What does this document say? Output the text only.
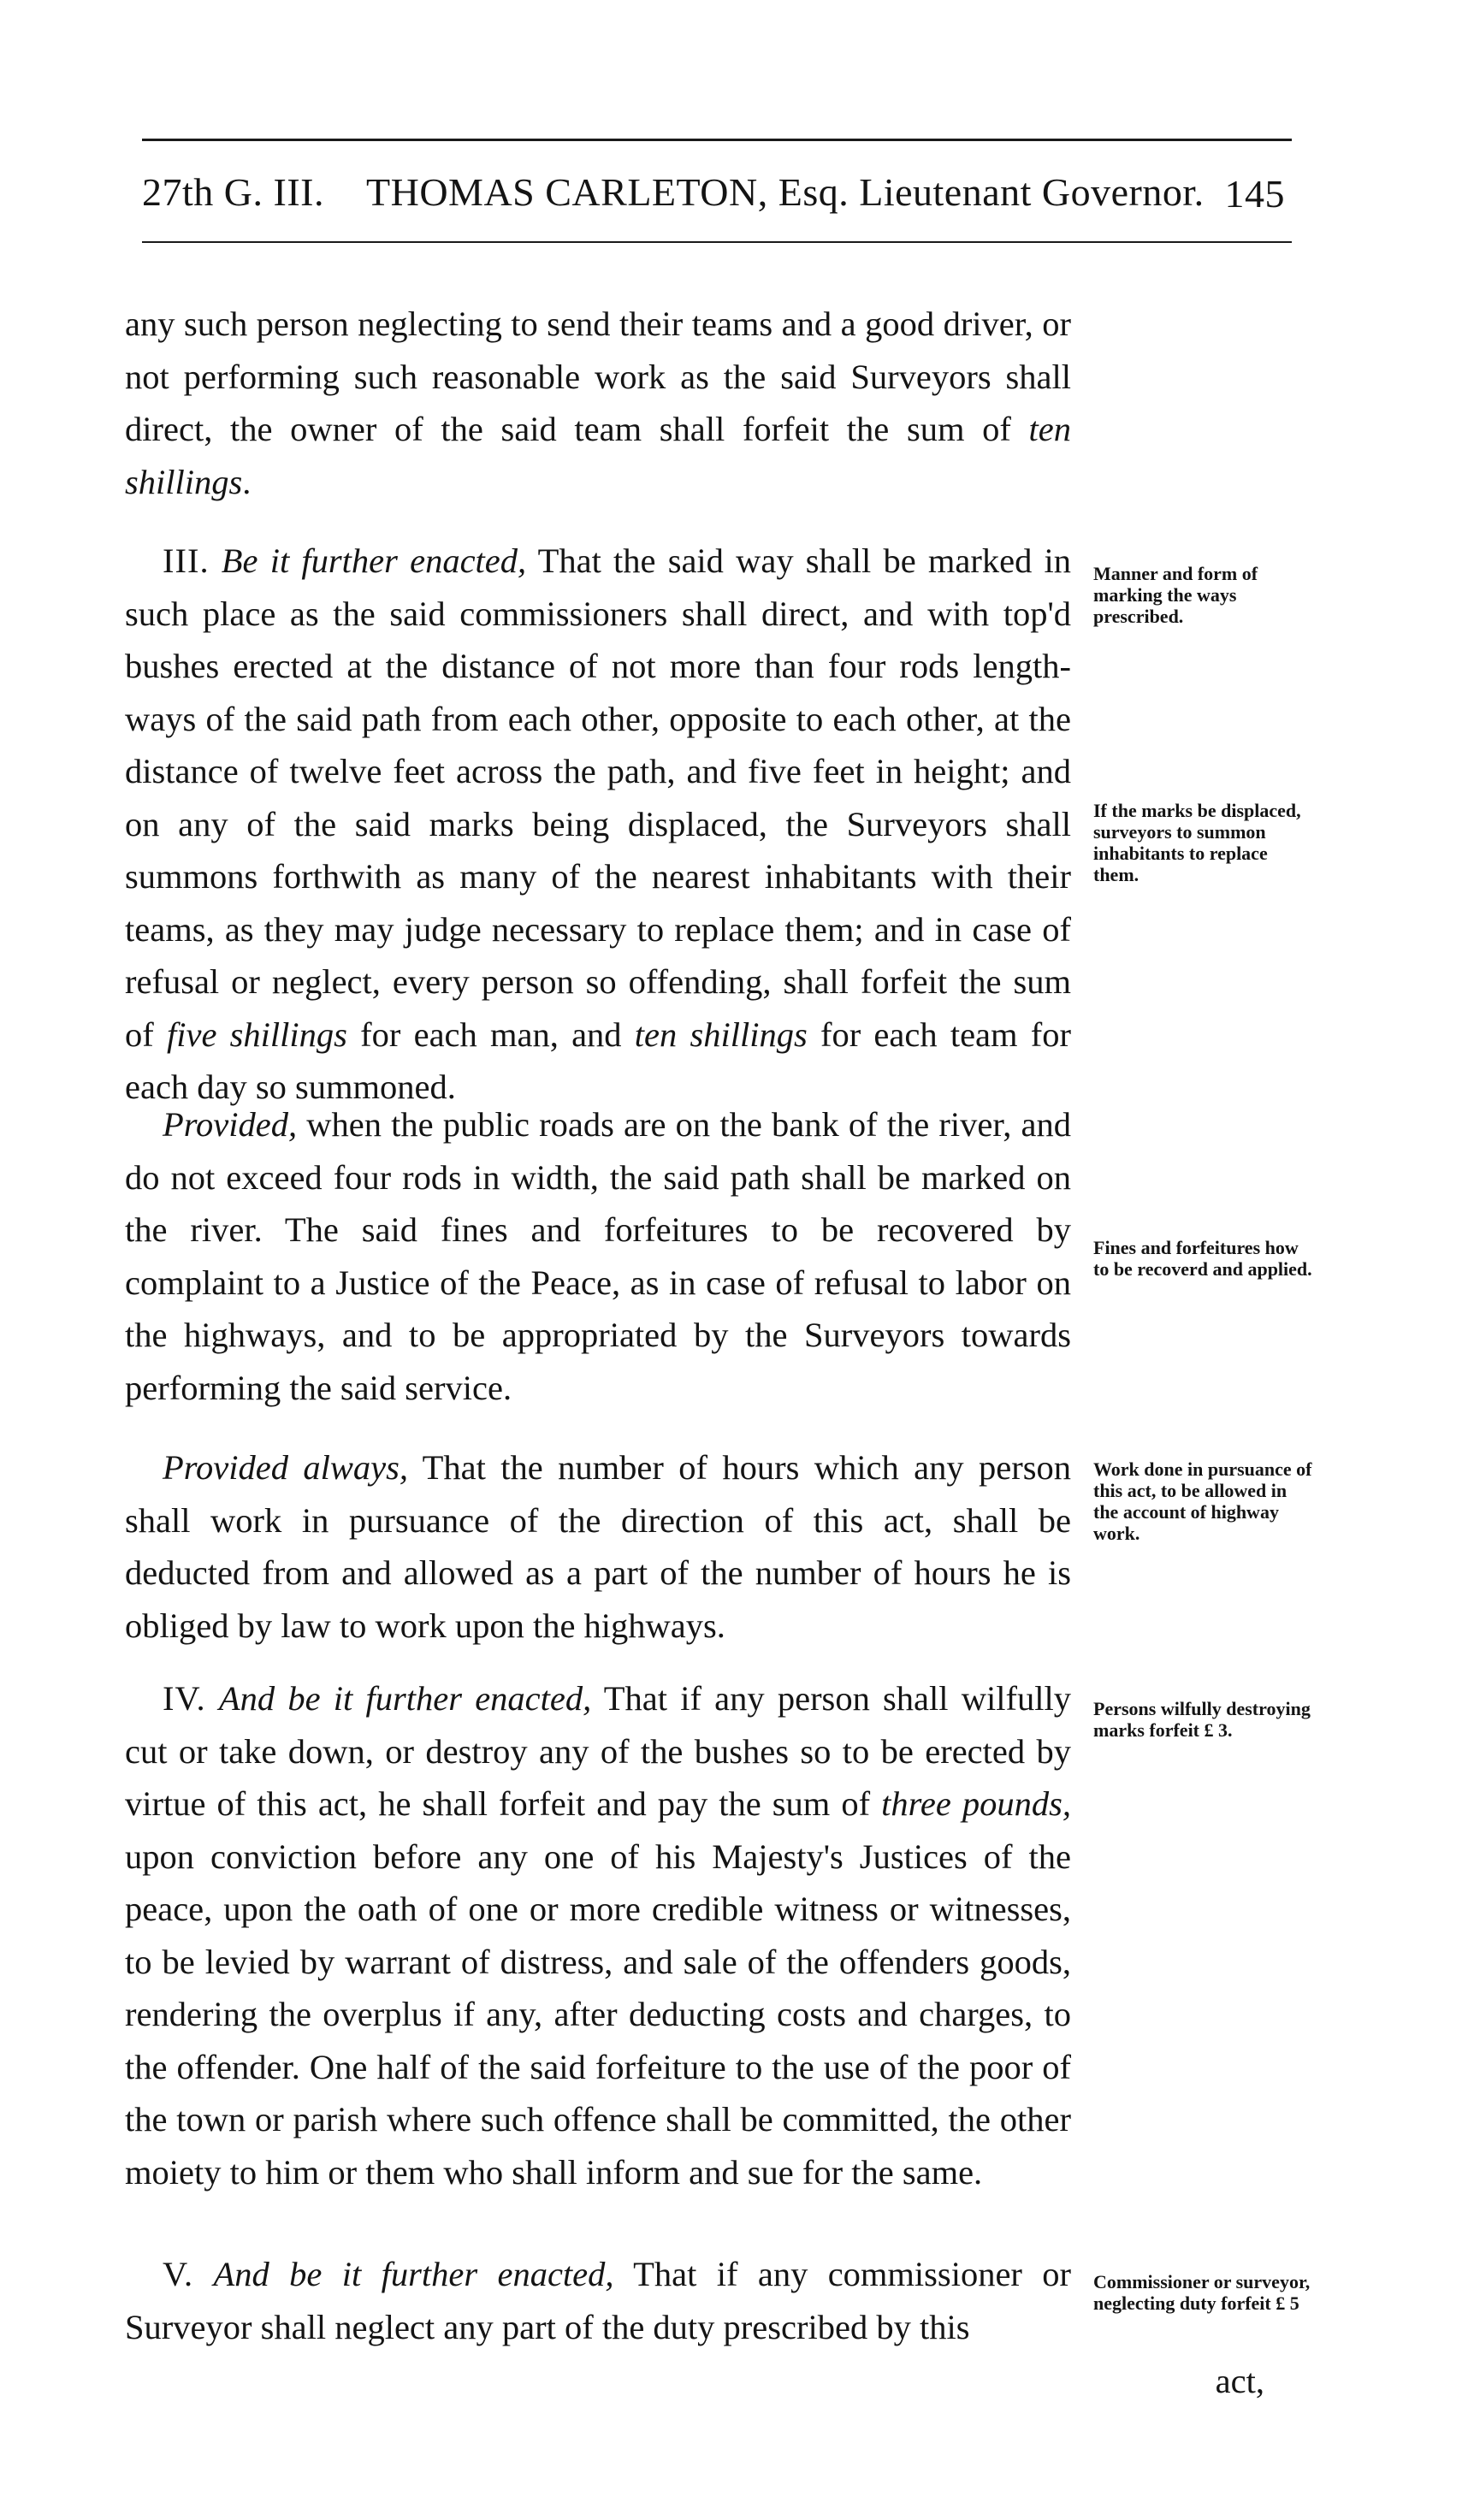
27th G. III. THOMAS CARLETON, Esq. Lieutenant Governor. 145
any such person neglecting to send their teams and a good driver, or not performing such reasonable work as the said Surveyors shall direct, the owner of the said team shall forfeit the sum of ten shillings.
III. Be it further enacted, That the said way shall be marked in such place as the said commissioners shall direct, and with top'd bushes erected at the distance of not more than four rods length-ways of the said path from each other, opposite to each other, at the distance of twelve feet across the path, and five feet in height; and on any of the said marks being displaced, the Surveyors shall summons forthwith as many of the nearest inhabitants with their teams, as they may judge necessary to replace them; and in case of refusal or neglect, every person so offending, shall forfeit the sum of five shillings for each man, and ten shillings for each team for each day so summoned.
Provided, when the public roads are on the bank of the river, and do not exceed four rods in width, the said path shall be marked on the river. The said fines and forfeitures to be recovered by complaint to a Justice of the Peace, as in case of refusal to labor on the highways, and to be appropriated by the Surveyors towards performing the said service.
Provided always, That the number of hours which any person shall work in pursuance of the direction of this act, shall be deducted from and allowed as a part of the number of hours he is obliged by law to work upon the highways.
IV. And be it further enacted, That if any person shall wilfully cut or take down, or destroy any of the bushes so to be erected by virtue of this act, he shall forfeit and pay the sum of three pounds, upon conviction before any one of his Majesty's Justices of the peace, upon the oath of one or more credible witness or witnesses, to be levied by warrant of distress, and sale of the offenders goods, rendering the overplus if any, after deducting costs and charges, to the offender. One half of the said forfeiture to the use of the poor of the town or parish where such offence shall be committed, the other moiety to him or them who shall inform and sue for the same.
V. And be it further enacted, That if any commissioner or Surveyor shall neglect any part of the duty prescribed by this
act,
Manner and form of marking the ways prescribed.
If the marks be displaced, surveyors to summon inhabitants to replace them.
Fines and forfeitures how to be recoverd and applied.
Work done in pursuance of this act, to be allowed in the account of highway work.
Persons wilfully destroying marks forfeit £ 3.
Commissioner or surveyor, neglecting duty forfeit £ 5
